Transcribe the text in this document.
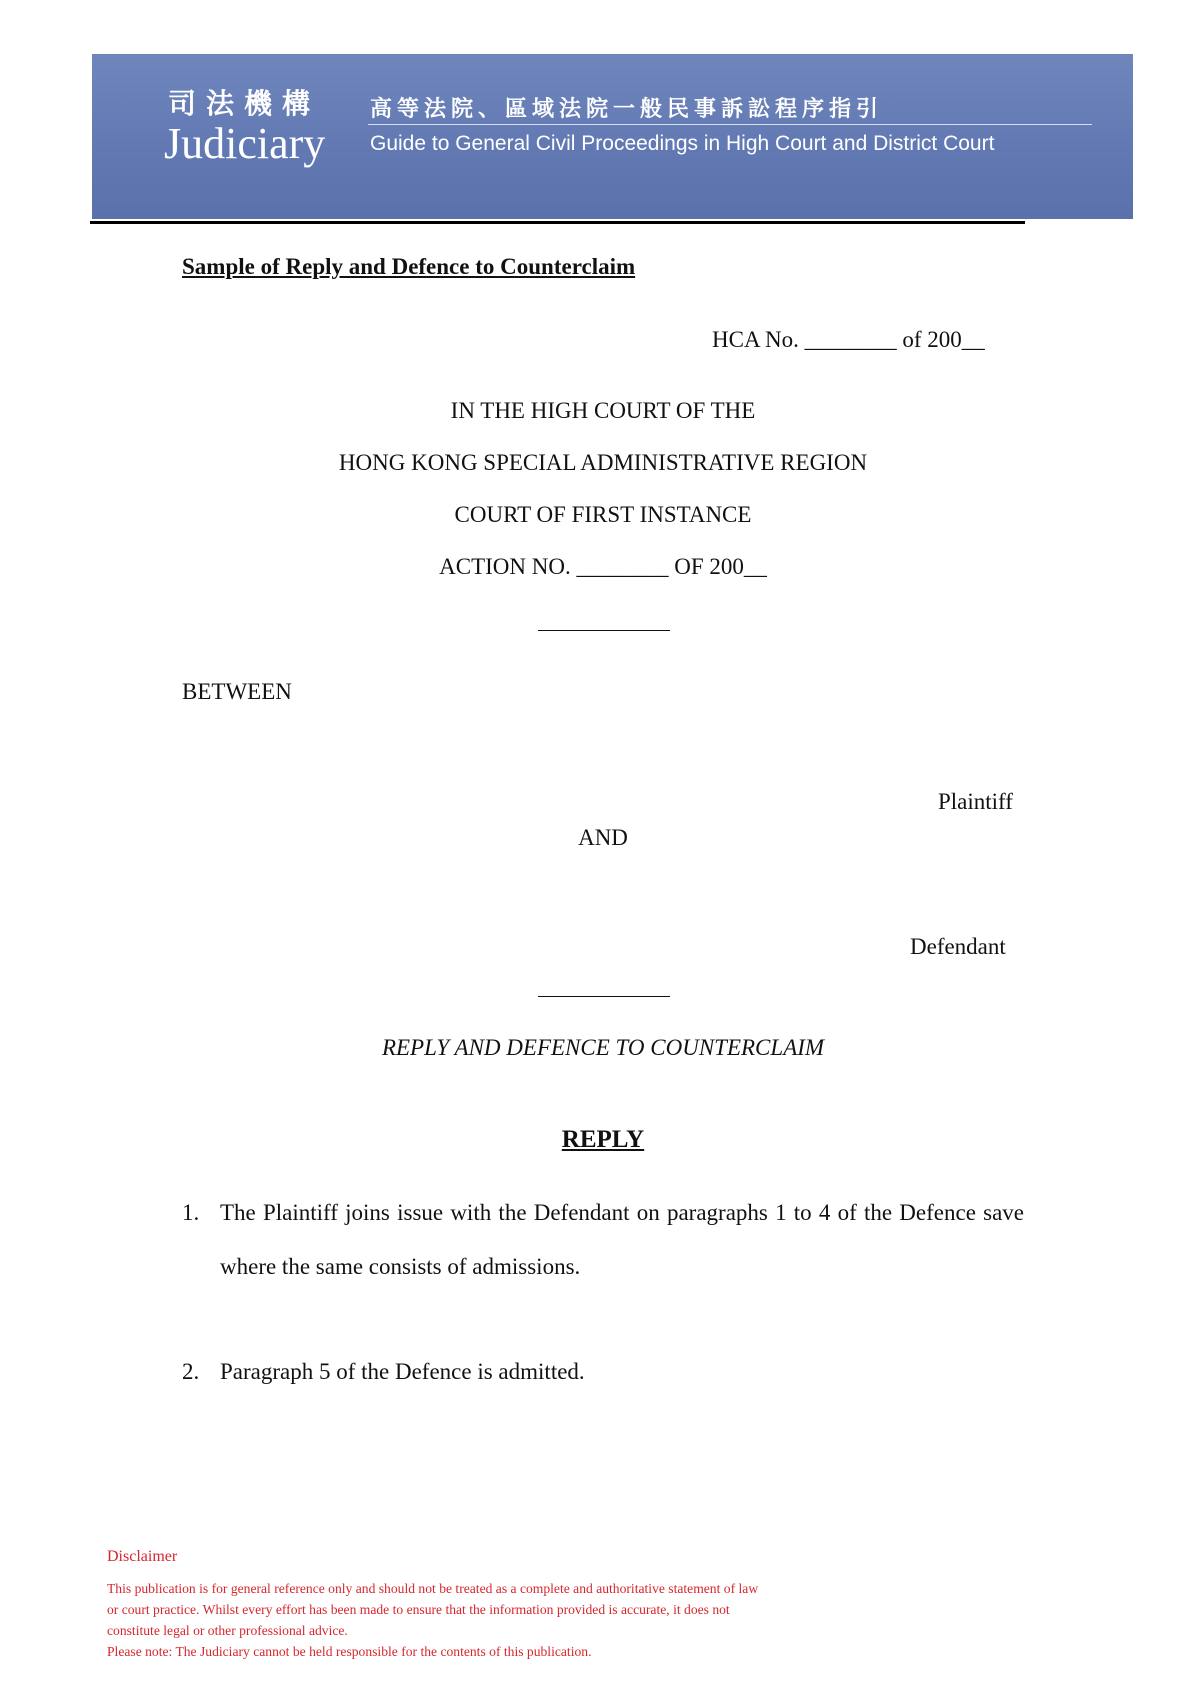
司法機構
Judiciary
高等法院、區域法院一般民事訴訟程序指引
Guide to General Civil Proceedings in High Court and District Court
Sample of Reply and Defence to Counterclaim
HCA No. ________ of 200__
IN THE HIGH COURT OF THE
HONG KONG SPECIAL ADMINISTRATIVE REGION
COURT OF FIRST INSTANCE
ACTION NO. ________ OF 200__
BETWEEN
Plaintiff
AND
Defendant
REPLY AND DEFENCE TO COUNTERCLAIM
REPLY
1. The Plaintiff joins issue with the Defendant on paragraphs 1 to 4 of the Defence save where the same consists of admissions.
2. Paragraph 5 of the Defence is admitted.
Disclaimer
This publication is for general reference only and should not be treated as a complete and authoritative statement of law
or court practice. Whilst every effort has been made to ensure that the information provided is accurate, it does not
constitute legal or other professional advice.
Please note: The Judiciary cannot be held responsible for the contents of this publication.
